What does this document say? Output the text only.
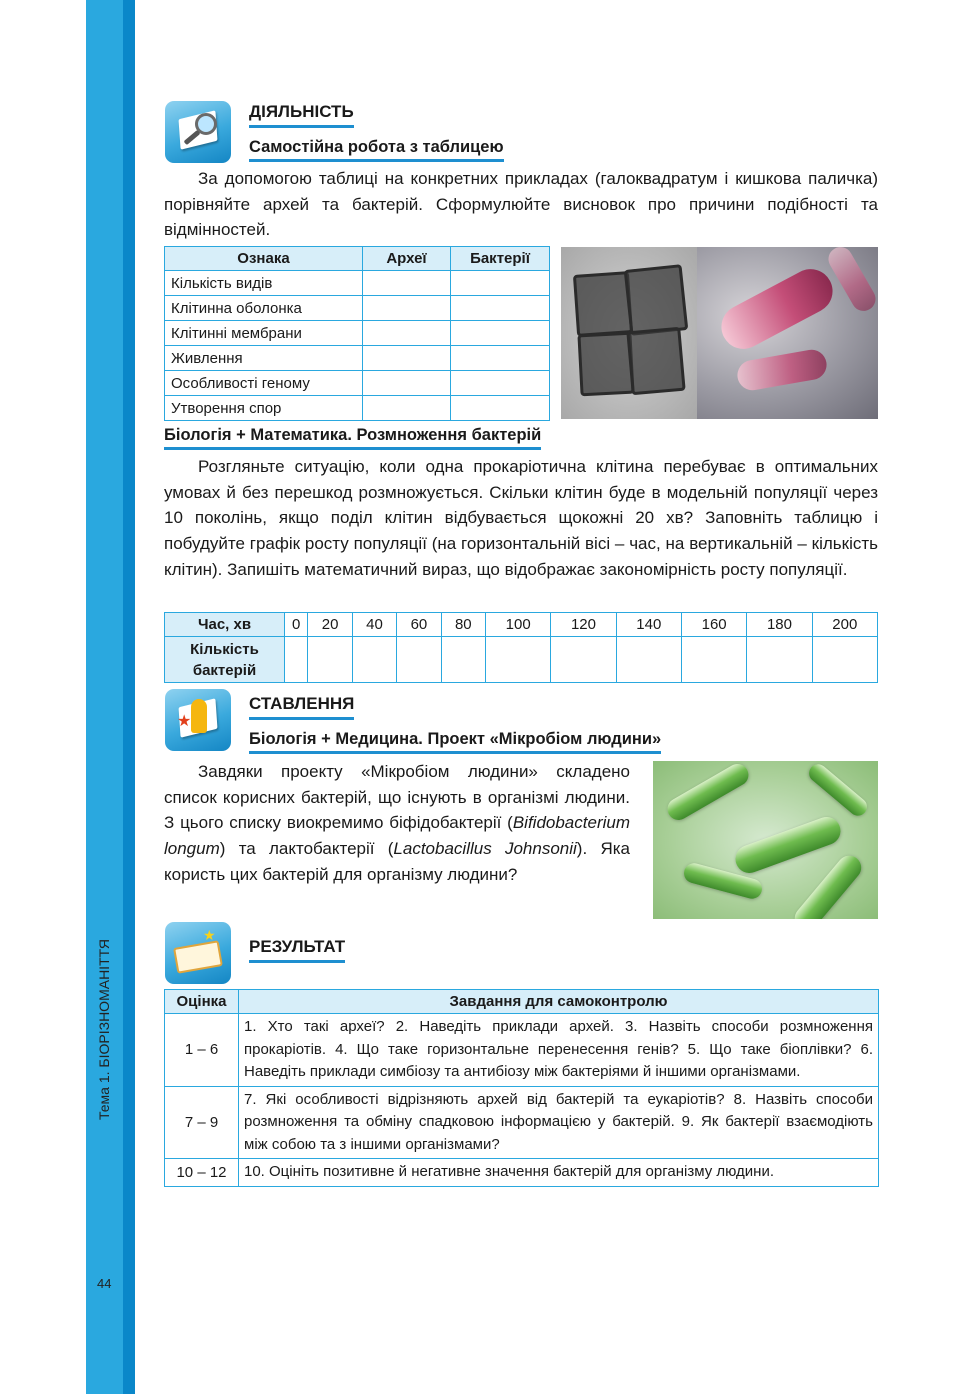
Тема 1. БІОРІЗНОМАНІТТЯ
44
ДІЯЛЬНІСТЬ
Самостійна робота з таблицею
За допомогою таблиці на конкретних прикладах (галоквадратум і кишкова паличка) порівняйте архей та бактерій. Сформулюйте висновок про причини подібності та відмінностей.
Ознака	Археї	Бактерії
Кількість видів		
Клітинна оболонка		
Клітинні мембрани		
Живлення		
Особливості геному		
Утворення спор		
Біологія + Математика. Розмноження бактерій
Розгляньте ситуацію, коли одна прокаріотична клітина перебуває в оптимальних умовах й без перешкод розмножується. Скільки клітин буде в модельній популяції через 10 поколінь, якщо поділ клітин відбувається щокожні 20 хв? Заповніть таблицю і побудуйте графік росту популяції (на горизонтальній вісі – час, на вертикальній – кількість клітин). Запишіть математичний вираз, що відображає закономірність росту популяції.
Час, хв	0	20	40	60	80	100	120	140	160	180	200
Кількість бактерій											
★
СТАВЛЕННЯ
Біологія + Медицина. Проект «Мікробіом людини»
Завдяки проекту «Мікробіом людини» складено список корисних бактерій, що існують в організмі людини. З цього списку виокремимо біфідобактерії (Bifidobacterium longum) та лактобактерії (Lactobacillus Johnsonii). Яка користь цих бактерій для організму людини?
★
РЕЗУЛЬТАТ
Оцінка	Завдання для самоконтролю
1 – 6	1. Хто такі археї? 2. Наведіть приклади архей. 3. Назвіть способи розмноження прокаріотів. 4. Що таке горизонтальне перенесення генів? 5. Що таке біоплівки? 6. Наведіть приклади симбіозу та антибіозу між бактеріями й іншими організмами.
7 – 9	7. Які особливості відрізняють архей від бактерій та еукаріотів? 8. Назвіть способи розмноження та обміну спадковою інформацією у бактерій. 9. Як бактерії взаємодіють між собою та з іншими організмами?
10 – 12	10. Оцініть позитивне й негативне значення бактерій для організму людини.
